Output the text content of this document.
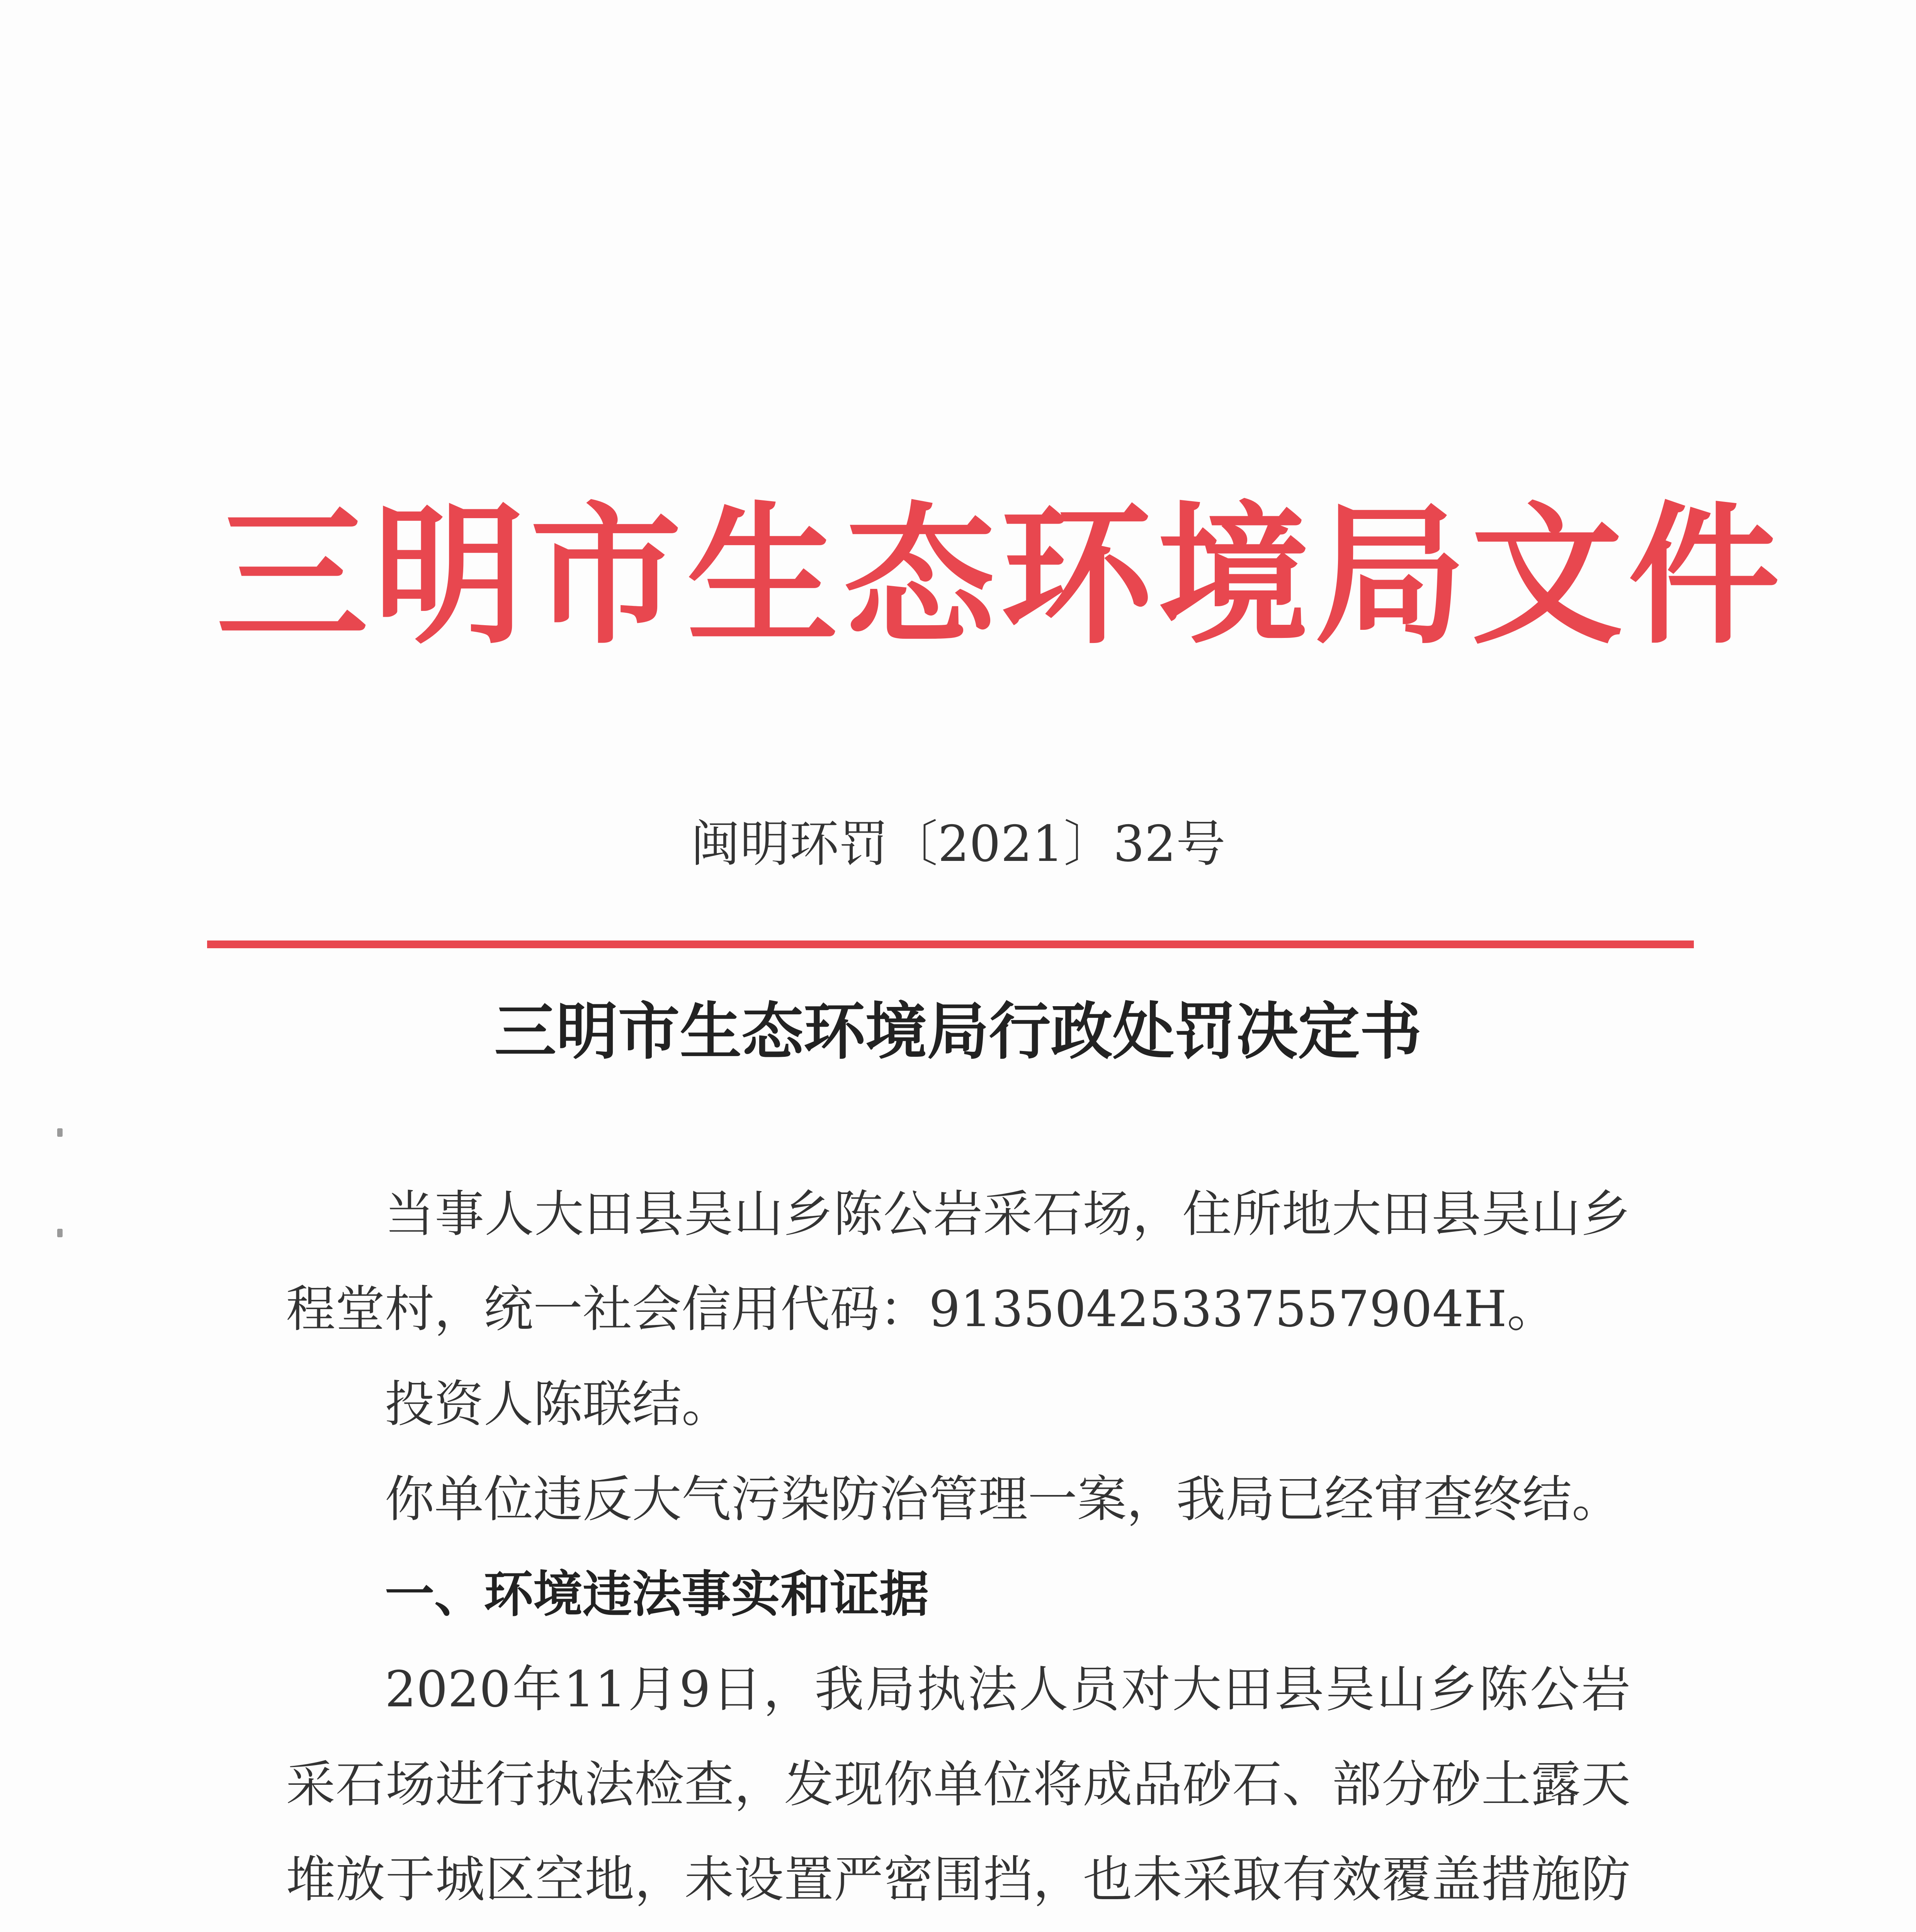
三明市生态环境局文件
闽明环罚〔2021〕32号
三明市生态环境局行政处罚决定书

当事人大田县吴山乡陈公岩采石场，住所地大田县吴山乡程堂村，统一社会信用代码：91350425337557904H。

投资人陈联结。

你单位违反大气污染防治管理一案，我局已经审查终结。

一、环境违法事实和证据

2020年11月9日，我局执法人员对大田县吴山乡陈公岩采石场进行执法检查，发现你单位将成品砂石、部分砂土露天堆放于城区空地，未设置严密围挡，也未采取有效覆盖措施防
